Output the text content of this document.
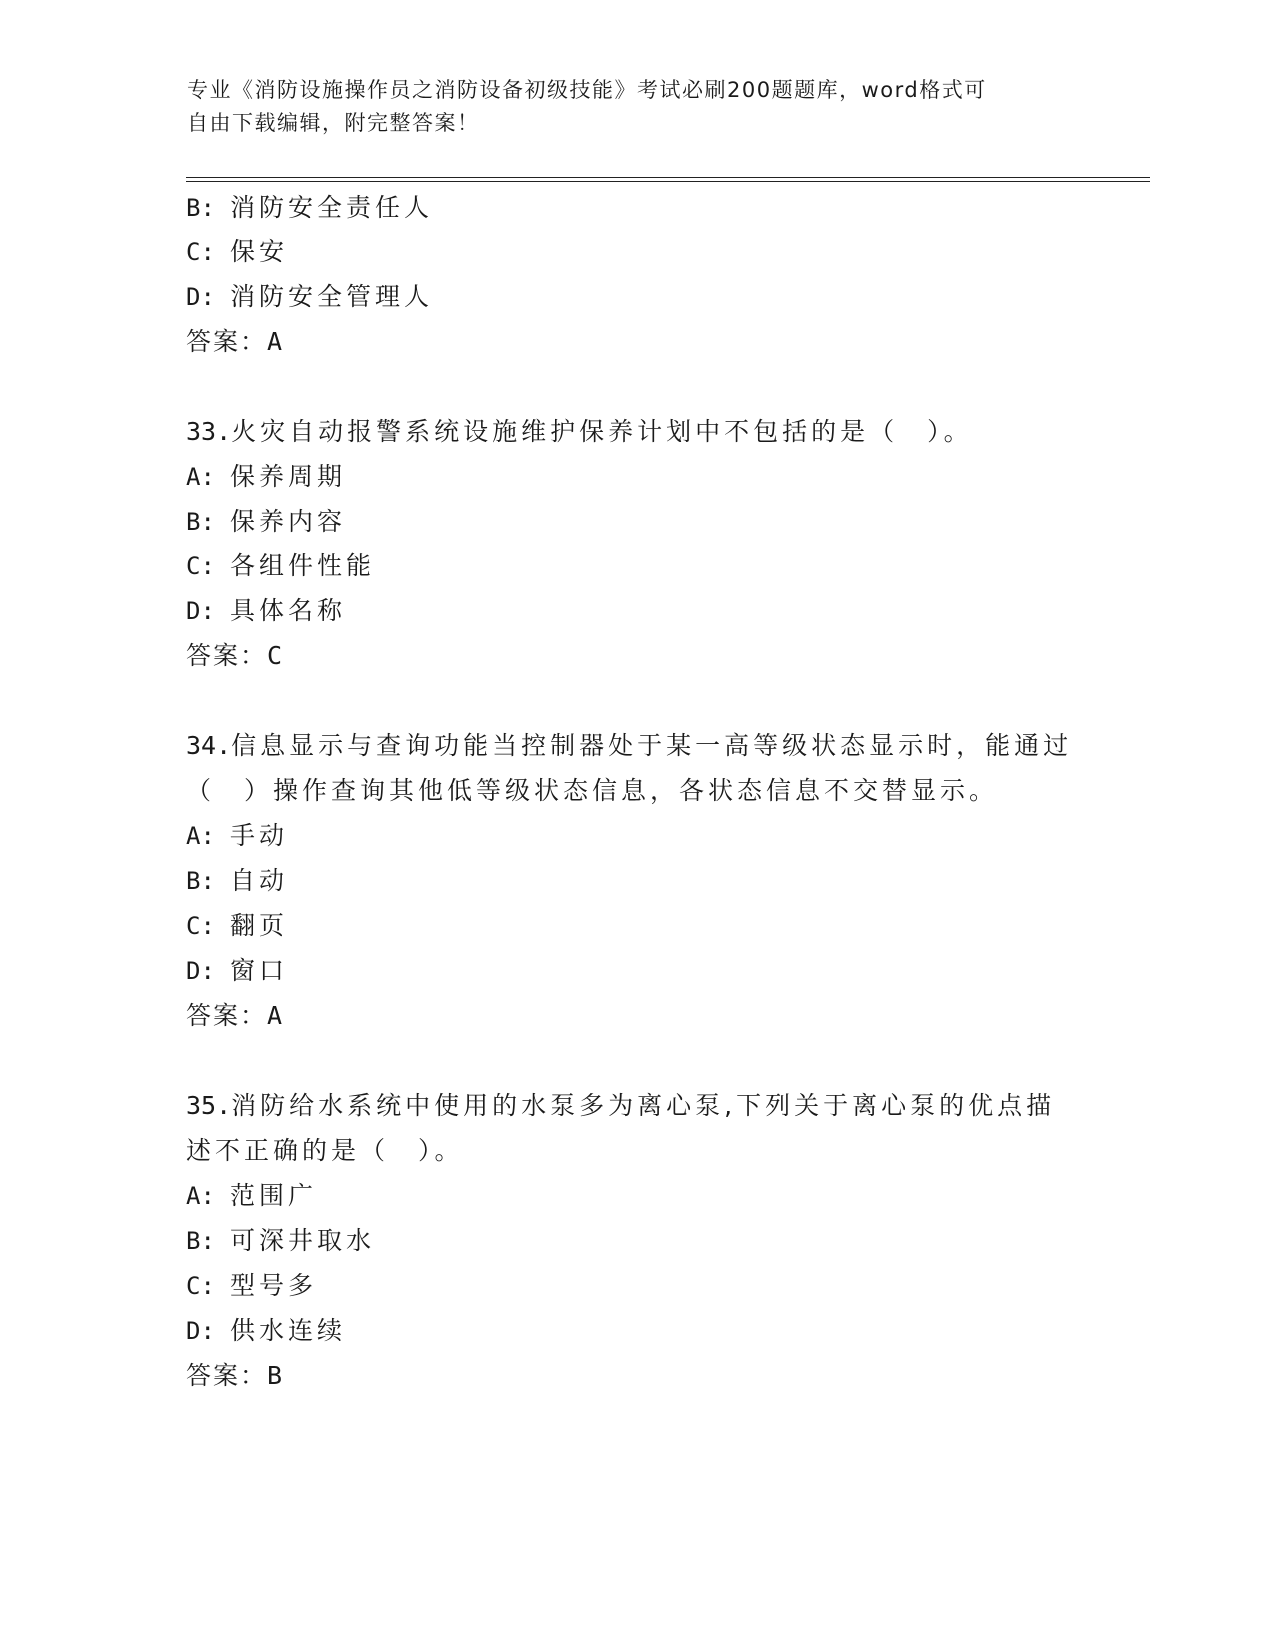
专业《消防设施操作员之消防设备初级技能》考试必刷200题题库，word格式可
自由下载编辑，附完整答案！
B: 消防安全责任人
C: 保安
D: 消防安全管理人
答案：A
33.火灾自动报警系统设施维护保养计划中不包括的是（　）。
A: 保养周期
B: 保养内容
C: 各组件性能
D: 具体名称
答案：C
34.信息显示与查询功能当控制器处于某一高等级状态显示时，能通过
（　）操作查询其他低等级状态信息，各状态信息不交替显示。
A: 手动
B: 自动
C: 翻页
D: 窗口
答案：A
35.消防给水系统中使用的水泵多为离心泵,下列关于离心泵的优点描
述不正确的是（　）。
A: 范围广
B: 可深井取水
C: 型号多
D: 供水连续
答案：B
